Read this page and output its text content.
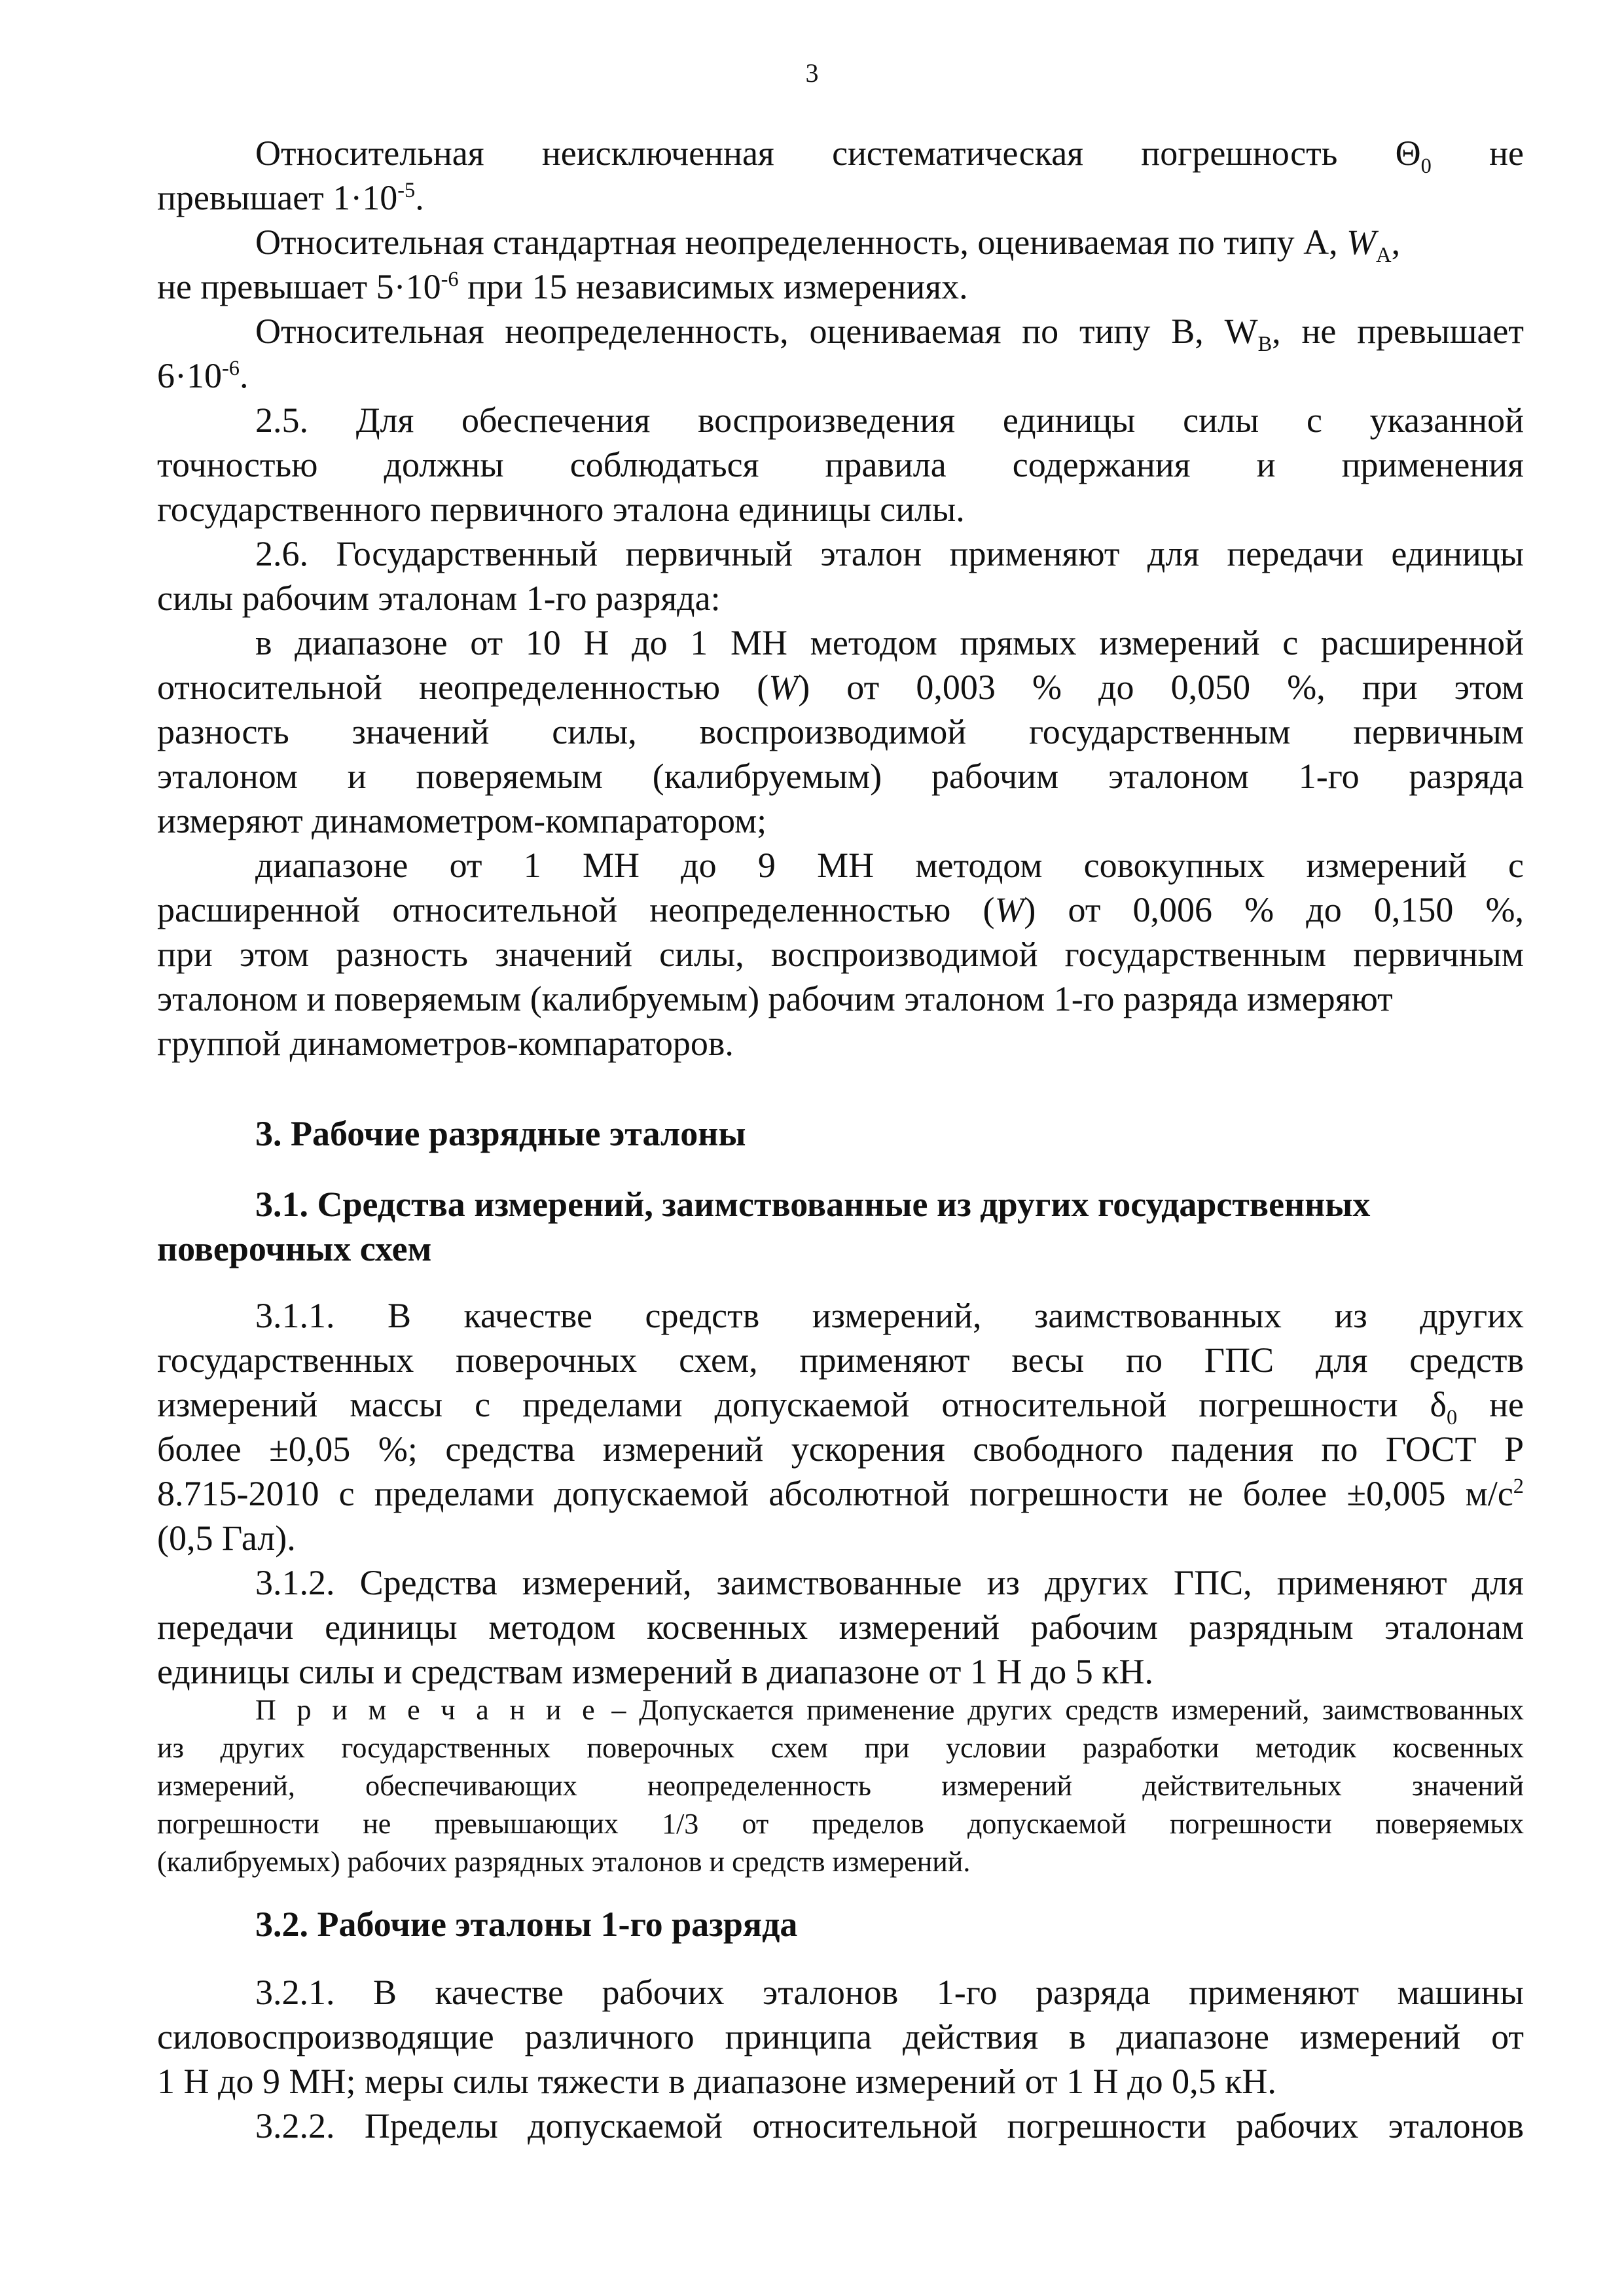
3
Относительная неисключенная систематическая погрешность $\Theta_0$ не
превышает $1\cdot 10^{-5}$.
Относительная стандартная неопределенность, оцениваемая по типу А, $W_A$,
не превышает $5\cdot 10^{-6}$ при 15 независимых измерениях.
Относительная неопределенность, оцениваемая по типу В, $W_B$, не превышает
$6\cdot 10^{-6}$.
2.5. Для обеспечения воспроизведения единицы силы с указанной
точностью должны соблюдаться правила содержания и применения
государственного первичного эталона единицы силы.
2.6. Государственный первичный эталон применяют для передачи единицы
силы рабочим эталонам 1-го разряда:
в диапазоне от 10 Н до 1 МН методом прямых измерений с расширенной
относительной неопределенностью (W) от 0,003 % до 0,050 %, при этом
разность значений силы, воспроизводимой государственным первичным
эталоном и поверяемым (калибруемым) рабочим эталоном 1-го разряда
измеряют динамометром-компаратором;
диапазоне от 1 МН до 9 МН методом совокупных измерений с
расширенной относительной неопределенностью (W) от 0,006 % до 0,150 %,
при этом разность значений силы, воспроизводимой государственным первичным
эталоном и поверяемым (калибруемым) рабочим эталоном 1-го разряда измеряют
группой динамометров-компараторов.
3. Рабочие разрядные эталоны
3.1. Средства измерений, заимствованные из других государственных
поверочных схем
3.1.1. В качестве средств измерений, заимствованных из других
государственных поверочных схем, применяют весы по ГПС для средств
измерений массы с пределами допускаемой относительной погрешности $\delta_0$ не
более ±0,05 %; средства измерений ускорения свободного падения по ГОСТ Р
8.715-2010 с пределами допускаемой абсолютной погрешности не более ±0,005 $м/с^2$
(0,5 Гал).
3.1.2. Средства измерений, заимствованные из других ГПС, применяют для
передачи единицы методом косвенных измерений рабочим разрядным эталонам
единицы силы и средствам измерений в диапазоне от 1 Н до 5 кН.
П р и м е ч а н и е – Допускается применение других средств измерений, заимствованных
из других государственных поверочных схем при условии разработки методик косвенных
измерений, обеспечивающих неопределенность измерений действительных значений
погрешности не превышающих 1/3 от пределов допускаемой погрешности поверяемых
(калибруемых) рабочих разрядных эталонов и средств измерений.
3.2. Рабочие эталоны 1-го разряда
3.2.1. В качестве рабочих эталонов 1-го разряда применяют машины
силовоспроизводящие различного принципа действия в диапазоне измерений от
1 Н до 9 МН; меры силы тяжести в диапазоне измерений от 1 Н до 0,5 кН.
3.2.2. Пределы допускаемой относительной погрешности рабочих эталонов
